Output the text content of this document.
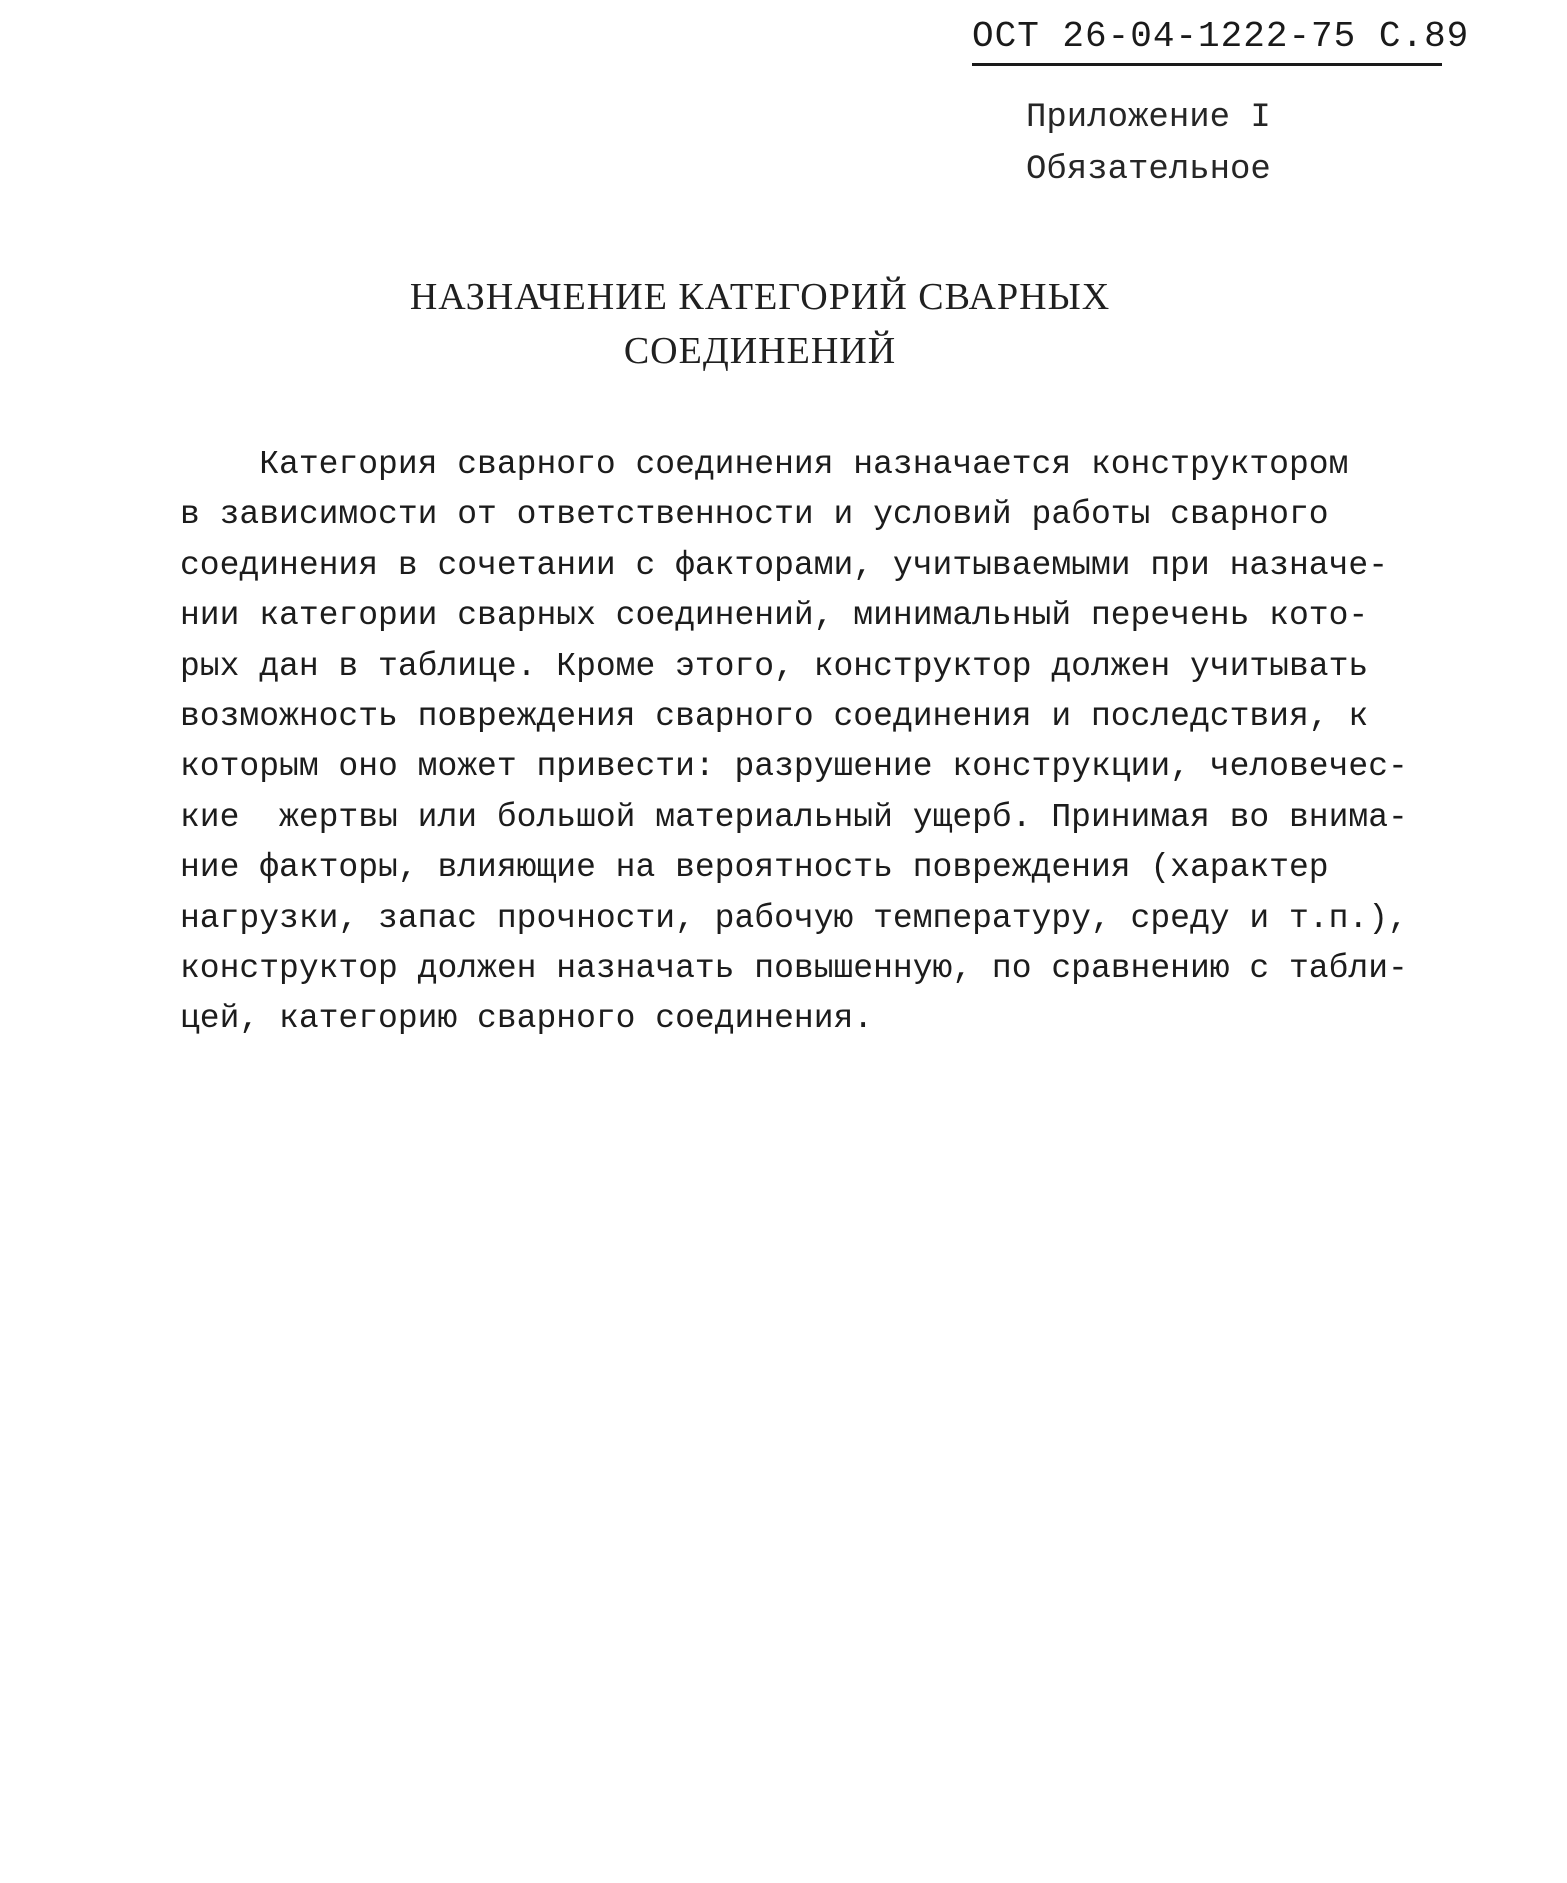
ОСТ 26-04-1222-75 С.89
Приложение I
Обязательное
НАЗНАЧЕНИЕ КАТЕГОРИЙ СВАРНЫХ
СОЕДИНЕНИЙ
Категория сварного соединения назначается конструктором
в зависимости от ответственности и условий работы сварного
соединения в сочетании с факторами, учитываемыми при назначе-
нии категории сварных соединений, минимальный перечень кото-
рых дан в таблице. Кроме этого, конструктор должен учитывать
возможность повреждения сварного соединения и последствия, к
которым оно может привести: разрушение конструкции, человечес-
кие  жертвы или большой материальный ущерб. Принимая во внима-
ние факторы, влияющие на вероятность повреждения (характер
нагрузки, запас прочности, рабочую температуру, среду и т.п.),
конструктор должен назначать повышенную, по сравнению с табли-
цей, категорию сварного соединения.
